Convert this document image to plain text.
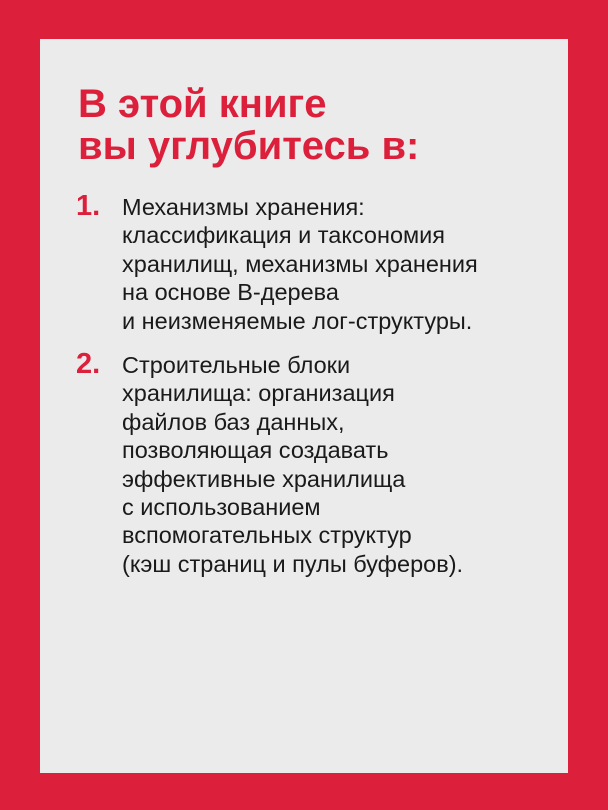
В этой книге
вы углубитесь в:
1. Механизмы хранения:
классификация и таксономия
хранилищ, механизмы хранения
на основе B-дерева
и неизменяемые лог-структуры.
2. Строительные блоки
хранилища: организация
файлов баз данных,
позволяющая создавать
эффективные хранилища
с использованием
вспомогательных структур
(кэш страниц и пулы буферов).
